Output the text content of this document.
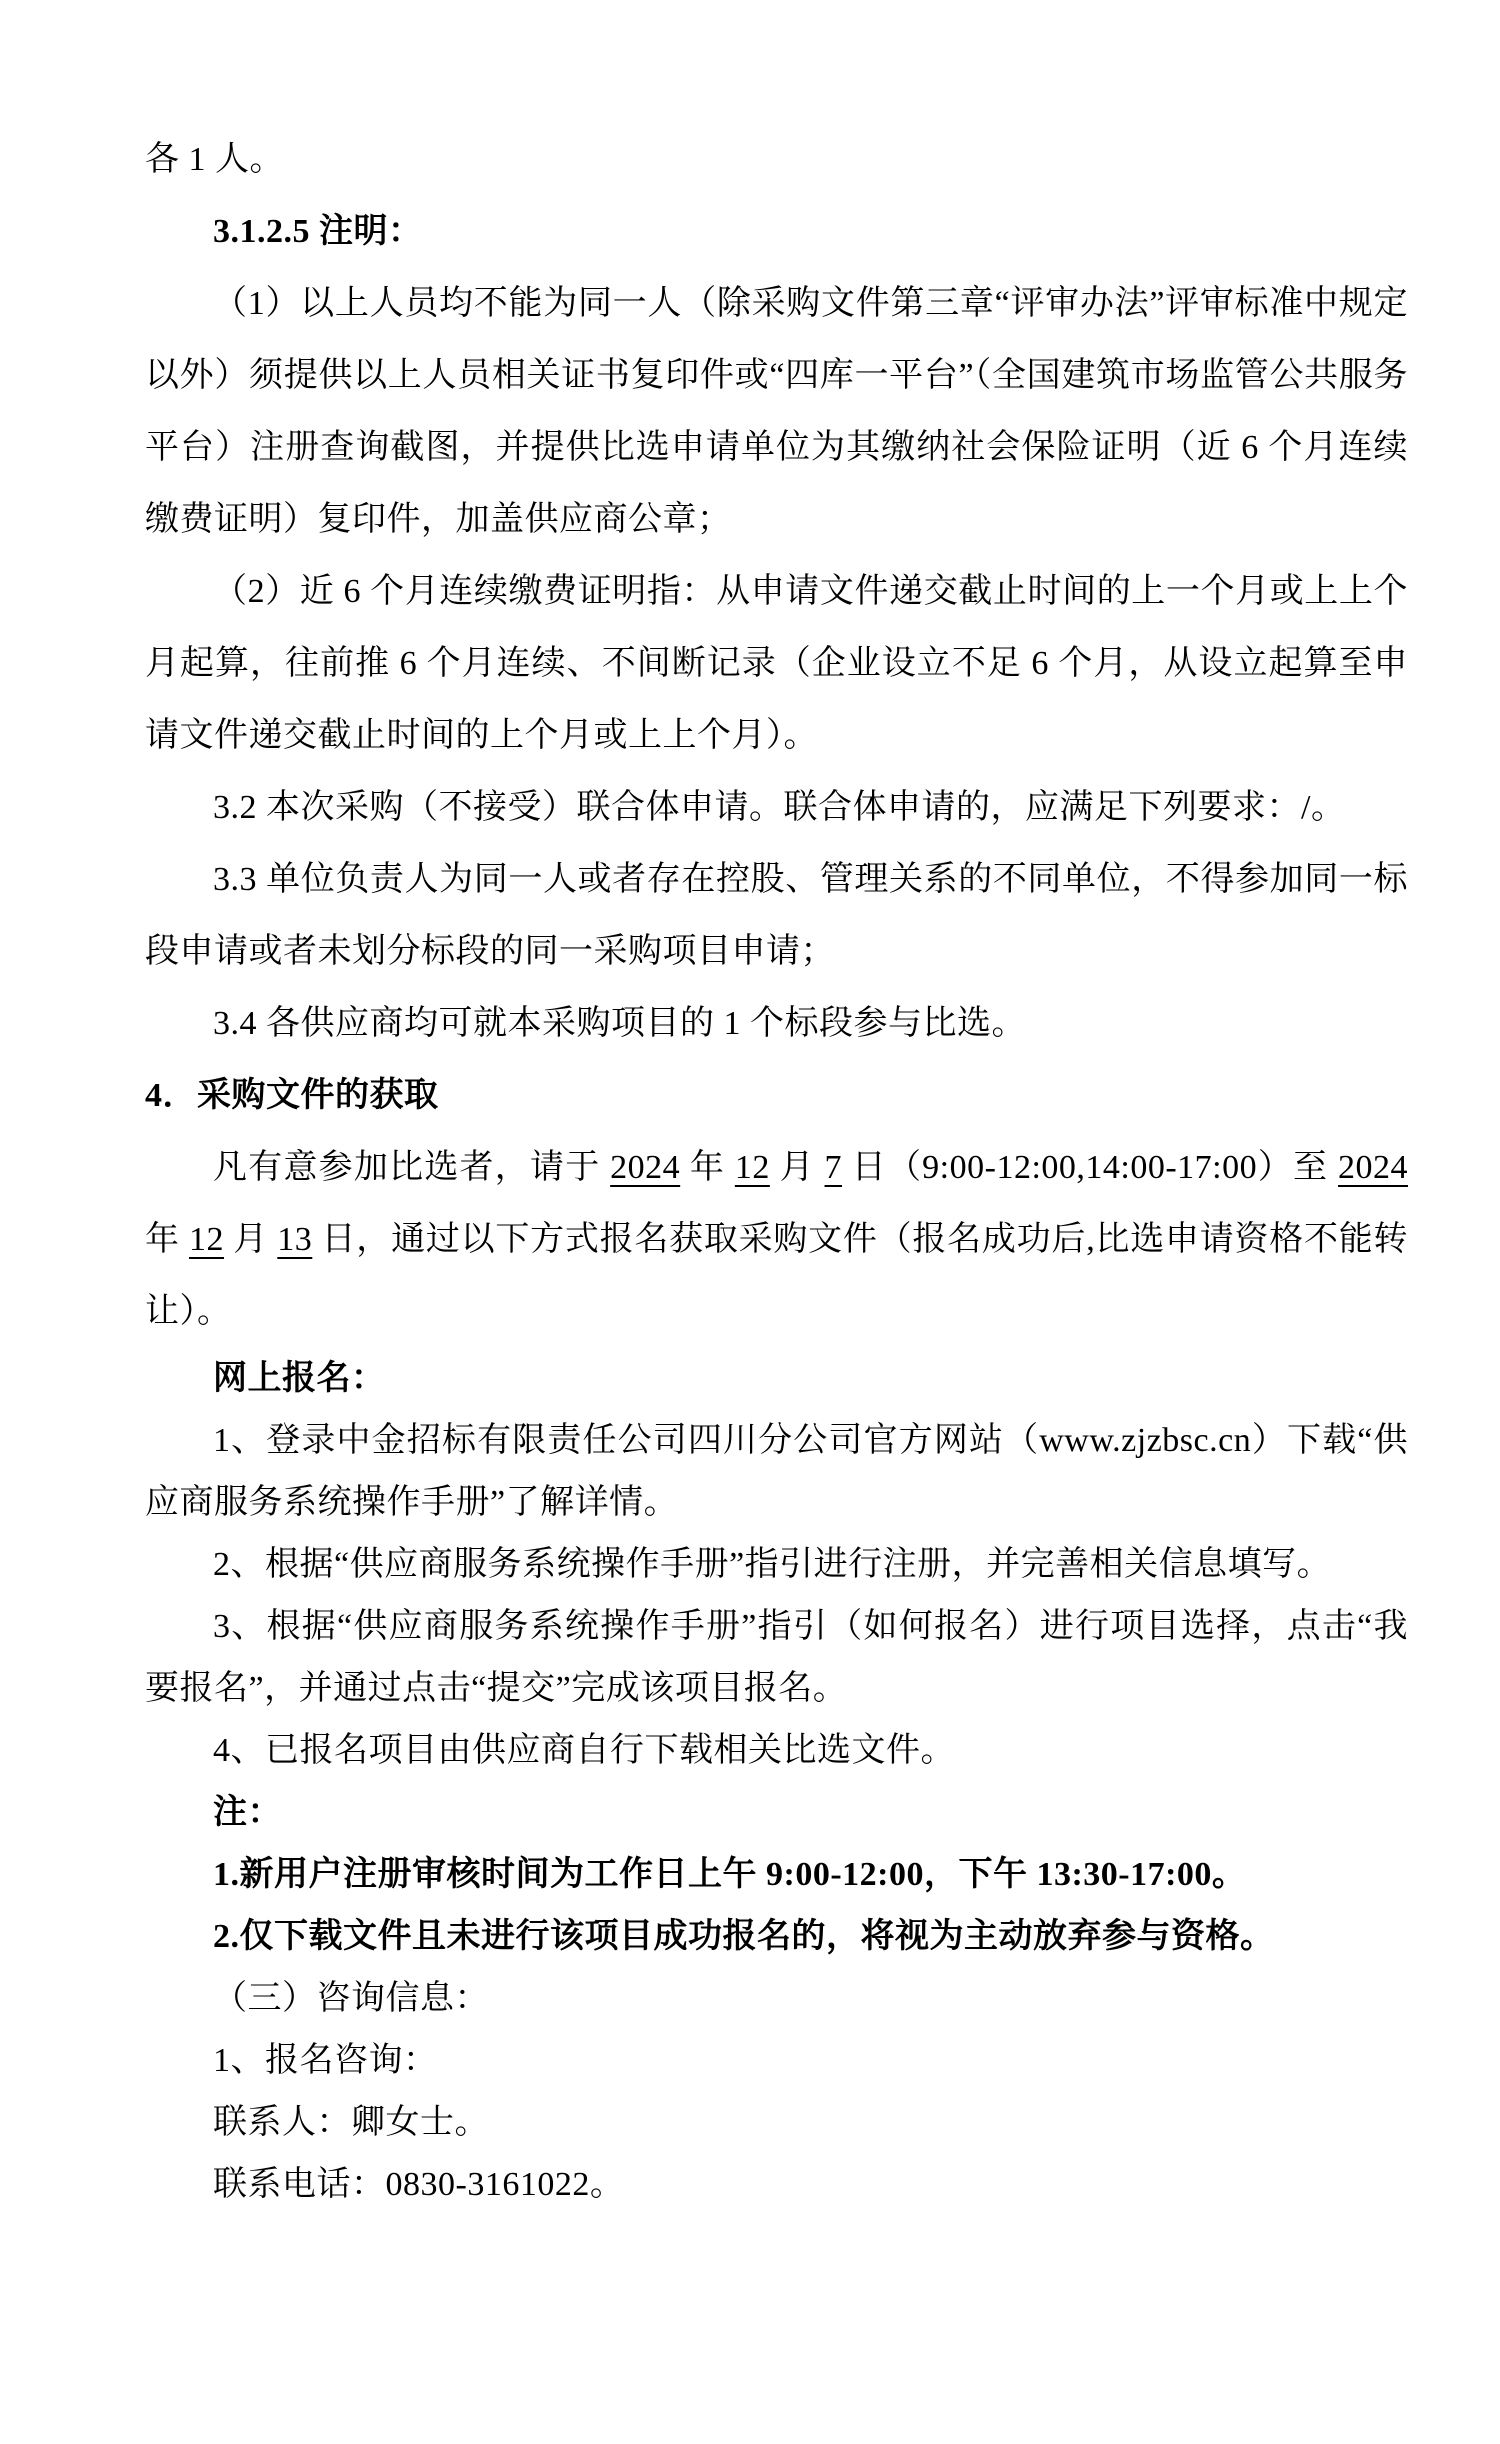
各 1 人。

3.1.2.5 注明：

（1）以上人员均不能为同一人（除采购文件第三章“评审办法”评审标准中规定以外）须提供以上人员相关证书复印件或“四库一平台”（全国建筑市场监管公共服务平台）注册查询截图，并提供比选申请单位为其缴纳社会保险证明（近 6 个月连续缴费证明）复印件，加盖供应商公章；

（2）近 6 个月连续缴费证明指：从申请文件递交截止时间的上一个月或上上个月起算，往前推 6 个月连续、不间断记录（企业设立不足 6 个月，从设立起算至申请文件递交截止时间的上个月或上上个月）。

3.2 本次采购（不接受）联合体申请。联合体申请的，应满足下列要求：/。

3.3 单位负责人为同一人或者存在控股、管理关系的不同单位，不得参加同一标段申请或者未划分标段的同一采购项目申请；

3.4 各供应商均可就本采购项目的 1 个标段参与比选。

4．采购文件的获取

凡有意参加比选者，请于 2024 年 12 月 7 日（9:00-12:00,14:00-17:00）至 2024 年 12 月 13 日，通过以下方式报名获取采购文件（报名成功后,比选申请资格不能转让）。

网上报名：

1、登录中金招标有限责任公司四川分公司官方网站（www.zjzbsc.cn）下载“供应商服务系统操作手册”了解详情。

2、根据“供应商服务系统操作手册”指引进行注册，并完善相关信息填写。

3、根据“供应商服务系统操作手册”指引（如何报名）进行项目选择，点击“我要报名”，并通过点击“提交”完成该项目报名。

4、已报名项目由供应商自行下载相关比选文件。

注：

1.新用户注册审核时间为工作日上午 9:00-12:00，下午 13:30-17:00。

2.仅下载文件且未进行该项目成功报名的，将视为主动放弃参与资格。

（三）咨询信息：

1、报名咨询：

联系人：卿女士。

联系电话：0830-3161022。
